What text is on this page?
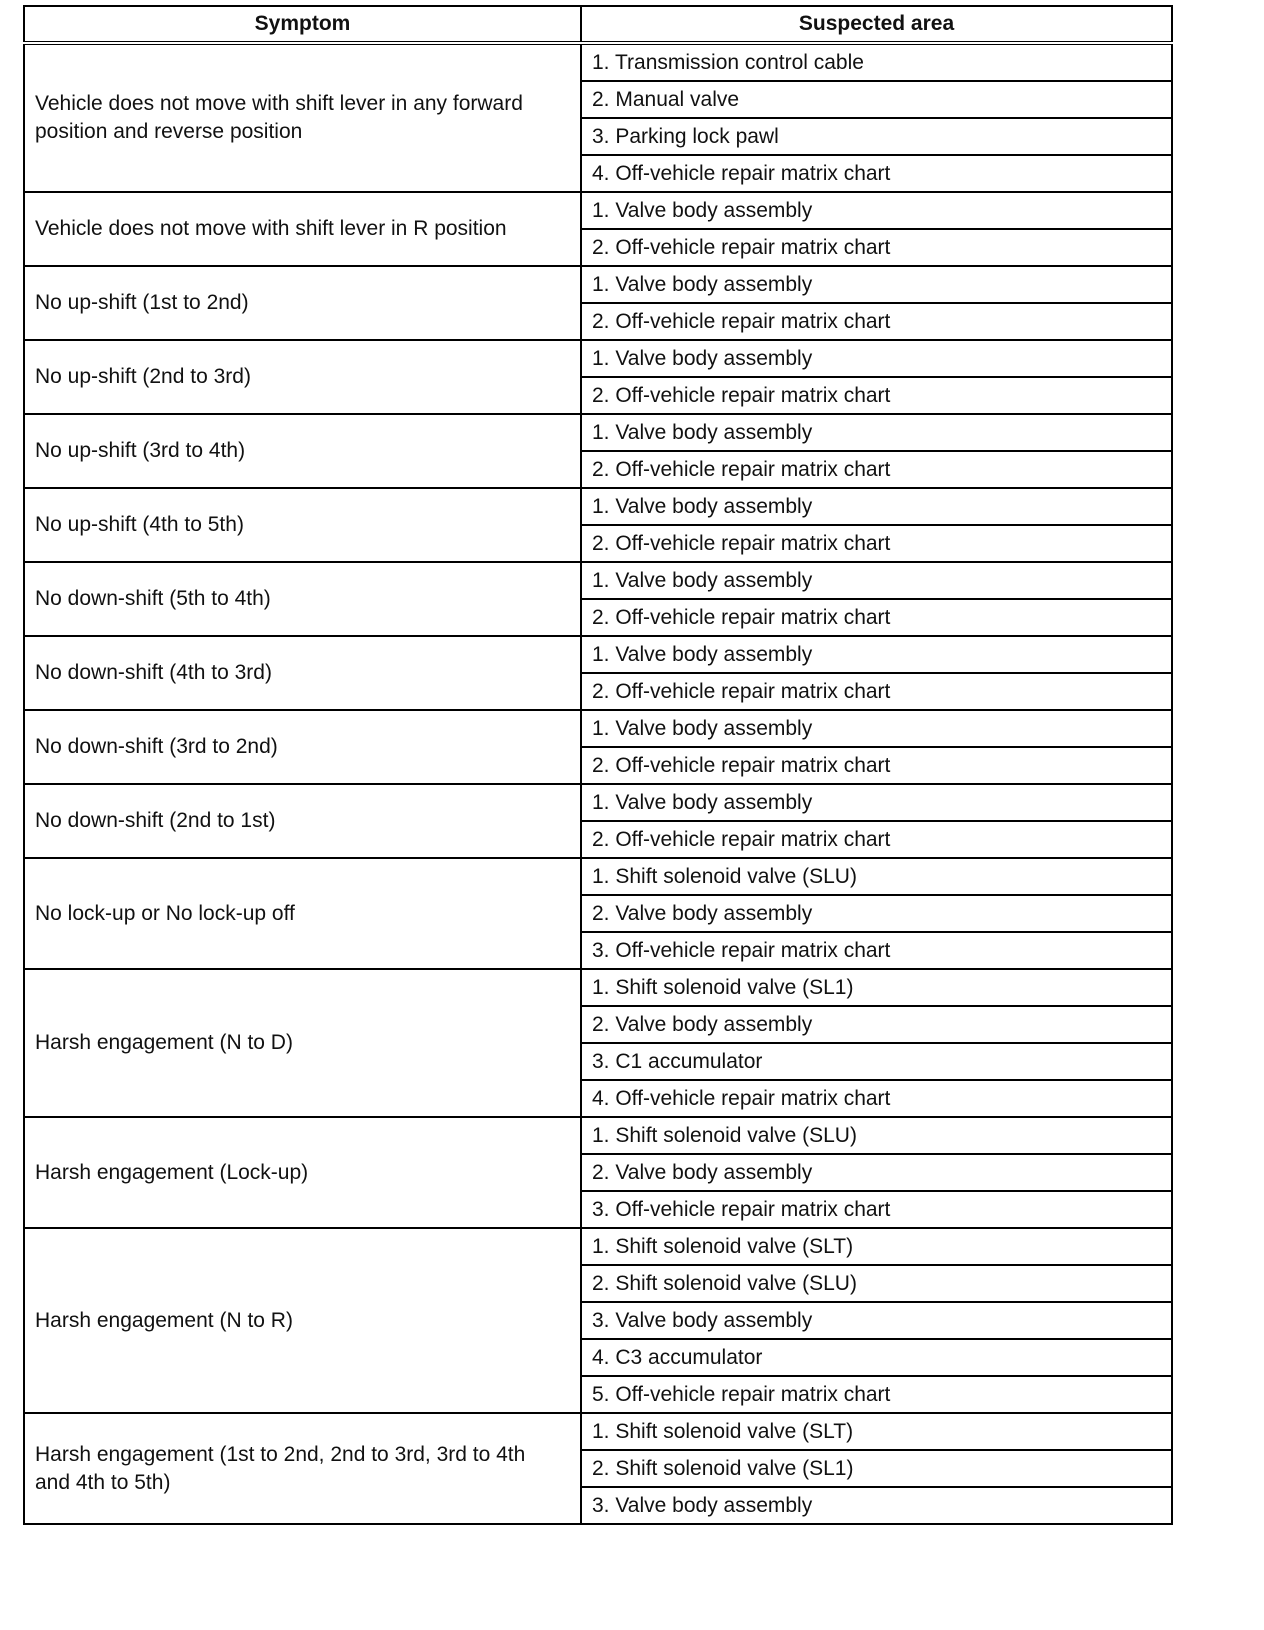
Symptom	Suspected area
Vehicle does not move with shift lever in any forward position and reverse position	1. Transmission control cable
	2. Manual valve
	3. Parking lock pawl
	4. Off-vehicle repair matrix chart
Vehicle does not move with shift lever in R position	1. Valve body assembly
	2. Off-vehicle repair matrix chart
No up-shift (1st to 2nd)	1. Valve body assembly
	2. Off-vehicle repair matrix chart
No up-shift (2nd to 3rd)	1. Valve body assembly
	2. Off-vehicle repair matrix chart
No up-shift (3rd to 4th)	1. Valve body assembly
	2. Off-vehicle repair matrix chart
No up-shift (4th to 5th)	1. Valve body assembly
	2. Off-vehicle repair matrix chart
No down-shift (5th to 4th)	1. Valve body assembly
	2. Off-vehicle repair matrix chart
No down-shift (4th to 3rd)	1. Valve body assembly
	2. Off-vehicle repair matrix chart
No down-shift (3rd to 2nd)	1. Valve body assembly
	2. Off-vehicle repair matrix chart
No down-shift (2nd to 1st)	1. Valve body assembly
	2. Off-vehicle repair matrix chart
No lock-up or No lock-up off	1. Shift solenoid valve (SLU)
	2. Valve body assembly
	3. Off-vehicle repair matrix chart
Harsh engagement (N to D)	1. Shift solenoid valve (SL1)
	2. Valve body assembly
	3. C1 accumulator
	4. Off-vehicle repair matrix chart
Harsh engagement (Lock-up)	1. Shift solenoid valve (SLU)
	2. Valve body assembly
	3. Off-vehicle repair matrix chart
Harsh engagement (N to R)	1. Shift solenoid valve (SLT)
	2. Shift solenoid valve (SLU)
	3. Valve body assembly
	4. C3 accumulator
	5. Off-vehicle repair matrix chart
Harsh engagement (1st to 2nd, 2nd to 3rd, 3rd to 4th and 4th to 5th)	1. Shift solenoid valve (SLT)
	2. Shift solenoid valve (SL1)
	3. Valve body assembly
